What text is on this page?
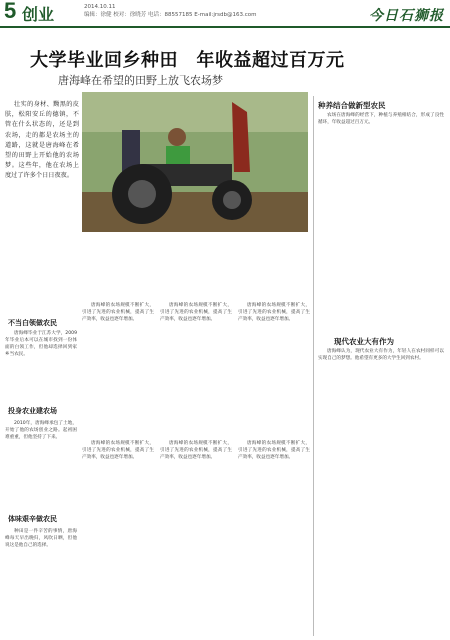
5 创业	2014.10.11
编辑：徐健 校对：徐晓芳 电话：88557185 E-mail:jrsdb@163.com	今日石狮报
大学毕业回乡种田　年收益超过百万元
唐海峰在希望的田野上放飞农场梦

壮实的身材、黝黑的皮肤，松阳安丘的德镇，不管在什么状态的，还是到农场，走的都是农场主的道路，这就是唐海峰在希望的田野上开始他的农场梦。这些年，他在农场上度过了许多个日日夜夜。

种养结合做新型农民

农场在唐海峰的经营下，种植与养殖相结合，形成了良性循环，年收益超过百万元。

现代农业大有作为

唐海峰认为，现代农业大有作为，年轻人在农村同样可以实现自己的梦想。他希望有更多的大学生回到农村。

不当白领做农民
投身农业建农场
体味艰辛做农民

唐海峰毕业于江苏大学，2009年毕业后本可以在城市找到一份体面的白领工作，但他却选择回到家乡当农民。

唐海峰的农场规模不断扩大，引进了先进的农业机械，提高了生产效率，收益也逐年增加。

唐海峰的农场规模不断扩大，引进了先进的农业机械，提高了生产效率，收益也逐年增加。

唐海峰的农场规模不断扩大，引进了先进的农业机械，提高了生产效率，收益也逐年增加。

2010年，唐海峰承包了土地，开始了他的农场创业之路。起初困难重重，但他坚持了下来。

唐海峰的农场规模不断扩大，引进了先进的农业机械，提高了生产效率，收益也逐年增加。

唐海峰的农场规模不断扩大，引进了先进的农业机械，提高了生产效率，收益也逐年增加。

唐海峰的农场规模不断扩大，引进了先进的农业机械，提高了生产效率，收益也逐年增加。

种田是一件辛苦的事情，唐海峰每天早出晚归，风吹日晒，但他说这是他自己的选择。
